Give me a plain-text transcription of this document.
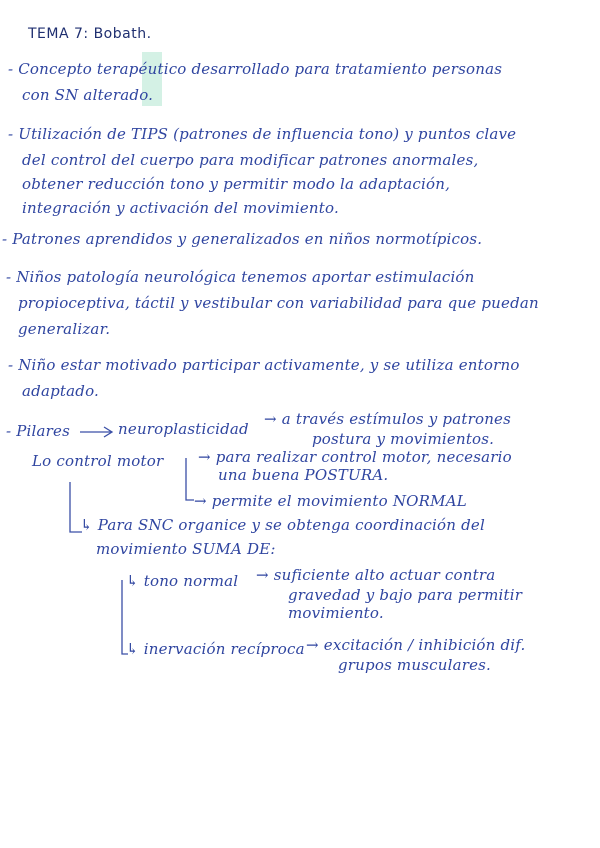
TEMA 7: Bobath.
- Concepto terapéutico desarrollado para tratamiento personas
con SN alterado.
- Utilización de TIPS (patrones de influencia tono) y puntos clave
del control del cuerpo para modificar patrones anormales,
obtener reducción tono y permitir modo la adaptación,
integración y activación del movimiento.
- Patrones aprendidos y generalizados en niños normotípicos.
- Niños patología neurológica tenemos aportar estimulación
propioceptiva, táctil y vestibular con variabilidad para que puedan
generalizar.
- Niño estar motivado participar activamente, y se utiliza entorno
adaptado.
- Pilares	neuroplasticidad
→ a través estímulos y patrones
postura y movimientos.
Lo control motor → para realizar control motor, necesario
una buena POSTURA.
→ permite el movimiento NORMAL
↳ Para SNC organice y se obtenga coordinación del
movimiento SUMA DE:
↳ tono normal → suficiente alto actuar contra
gravedad y bajo para permitir
movimiento.
↳ inervación recíproca → excitación / inhibición dif.
grupos musculares.
